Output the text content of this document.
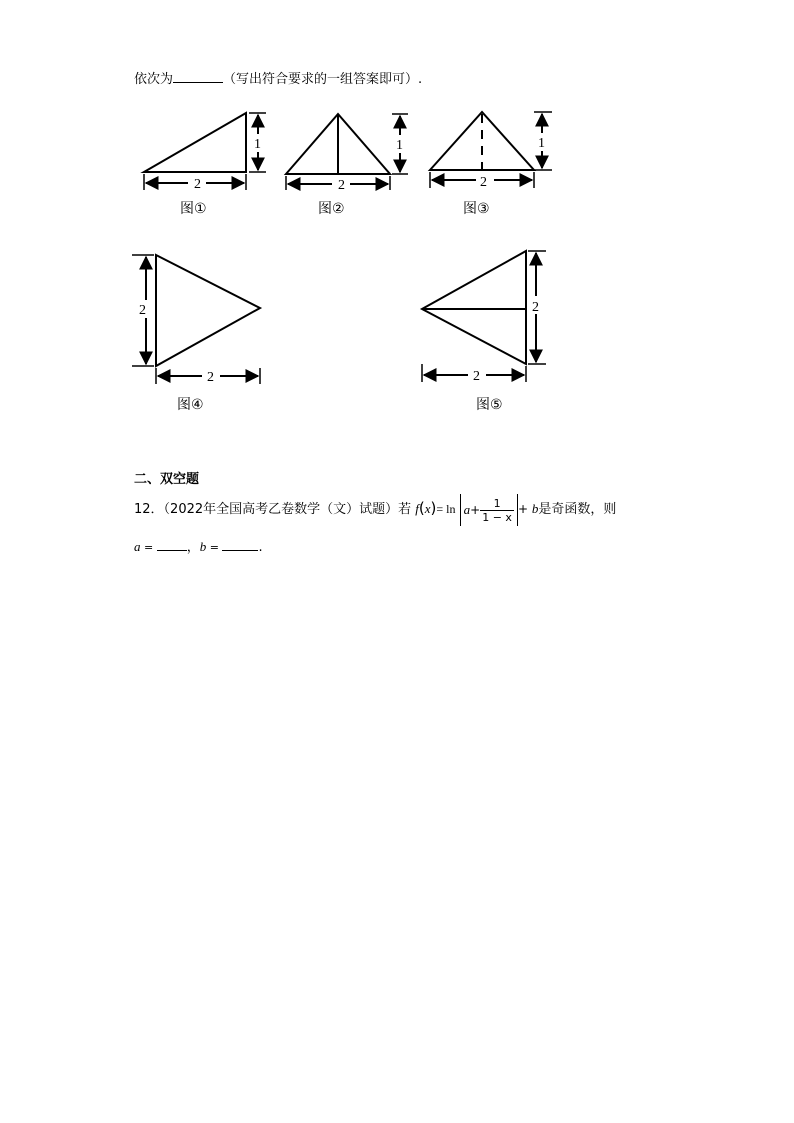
依次为	（写出符合要求的一组答案即可）.
2
1
图①
2
1
图②
2
1
图③
2
2
图④
2
2
图⑤
二、双空题
12．（2022年全国高考乙卷数学（文）试题）若 $f(x)= \ln a+ \frac{1}{1 - x} + b$是奇函数，则
a = ，b =	.
